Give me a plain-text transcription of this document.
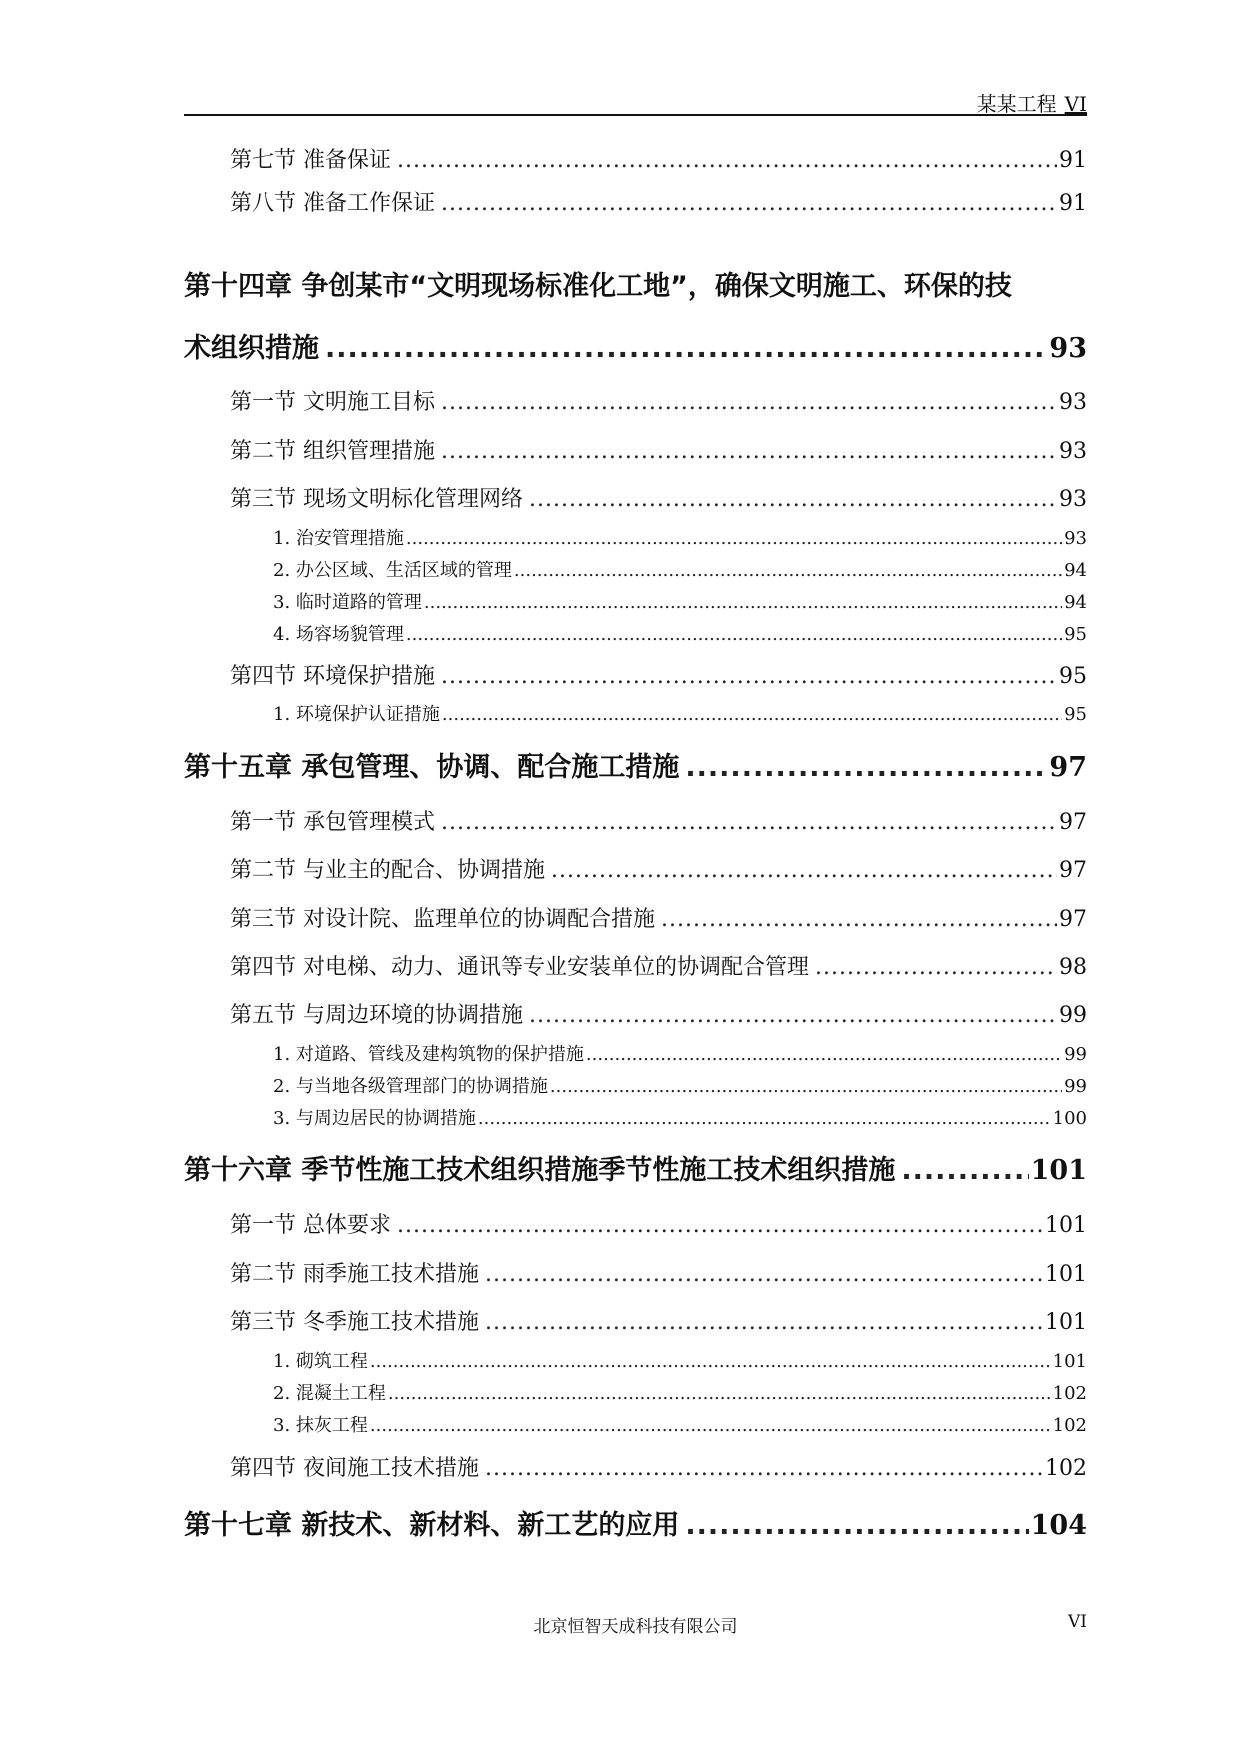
某某工程 VI
第七节 准备保证 .....	91
第八节 准备工作保证 .....	91
第十四章 争创某市“文明现场标准化工地”，确保文明施工、环保的技
术组织措施 .....	93
第一节 文明施工目标 .....	93
第二节 组织管理措施 .....	93
第三节 现场文明标化管理网络 .....	93
1. 治安管理措施 .....	93
2. 办公区域、生活区域的管理 .....	94
3. 临时道路的管理 .....	94
4. 场容场貌管理 .....	95
第四节 环境保护措施 .....	95
1. 环境保护认证措施 .....	95
第十五章 承包管理、协调、配合施工措施 .....	97
第一节 承包管理模式 .....	97
第二节 与业主的配合、协调措施 .....	97
第三节 对设计院、监理单位的协调配合措施 .....	97
第四节 对电梯、动力、通讯等专业安装单位的协调配合管理 .....	98
第五节 与周边环境的协调措施 .....	99
1. 对道路、管线及建构筑物的保护措施 .....	99
2. 与当地各级管理部门的协调措施 .....	99
3. 与周边居民的协调措施 .....	100
第十六章 季节性施工技术组织措施季节性施工技术组织措施 .....	101
第一节 总体要求 .....	101
第二节 雨季施工技术措施 .....	101
第三节 冬季施工技术措施 .....	101
1. 砌筑工程 .....	101
2. 混凝土工程 .....	102
3. 抹灰工程 .....	102
第四节 夜间施工技术措施 .....	102
第十七章 新技术、新材料、新工艺的应用 .....	104
北京恒智天成科技有限公司	VI
